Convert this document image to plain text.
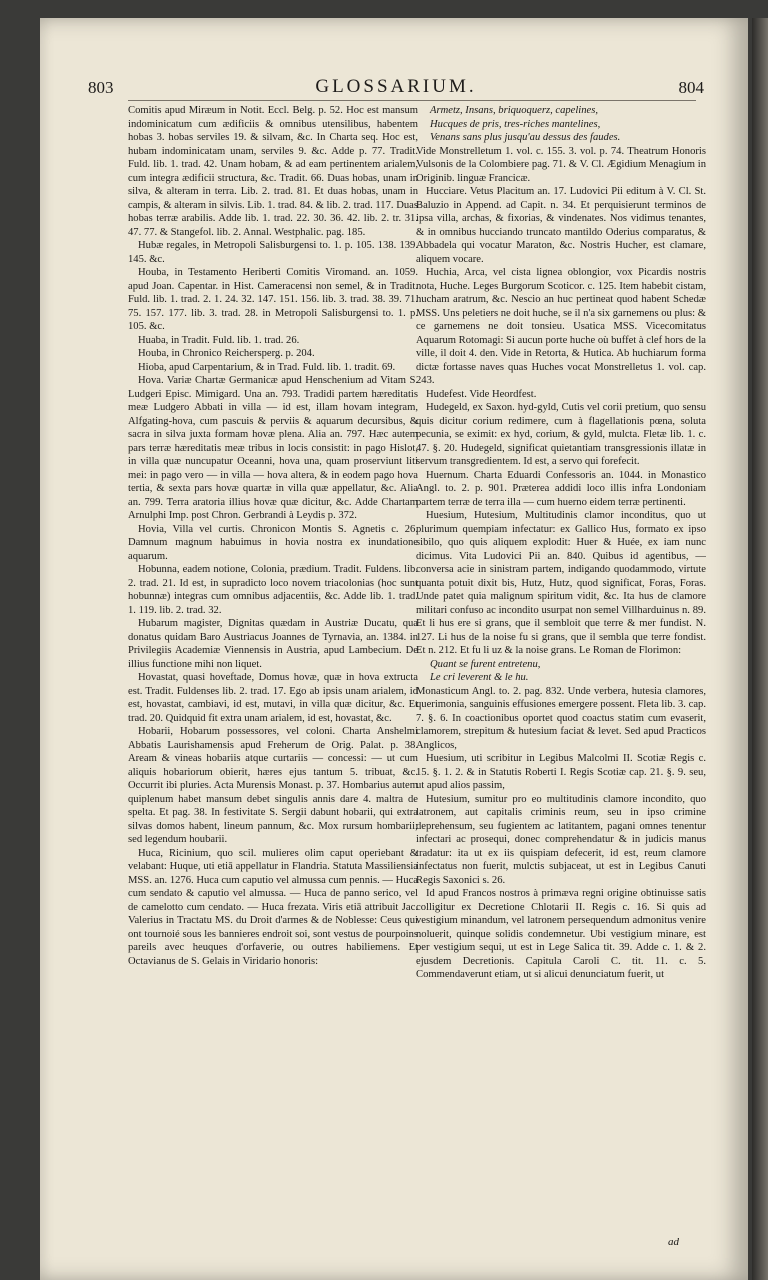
803	GLOSSARIUM.	804

Comitis apud Miræum in Notit. Eccl. Belg. p. 52. Hoc est mansum indominicatum cum ædificiis & omnibus utensilibus, habentem hobas 3. hobas serviles 19. & silvam, &c. In Charta seq. Hoc est, hubam indominicatam unam, serviles 9. &c. Adde p. 77. Tradit. Fuld. lib. 1. trad. 42. Unam hobam, & ad eam pertinentem arialem, cum integra ædificii structura, &c. Tradit. 66. Duas hobas, unam in silva, & alteram in terra. Lib. 2. trad. 81. Et duas hobas, unam in campis, & alteram in silvis. Lib. 1. trad. 84. & lib. 2. trad. 117. Duas hobas terræ arabilis. Adde lib. 1. trad. 22. 30. 36. 42. lib. 2. tr. 31. 47. 77. & Stangefol. lib. 2. Annal. Westphalic. pag. 185.

Hubæ regales, in Metropoli Salisburgensi to. 1. p. 105. 138. 139. 145. &c.

Houba, in Testamento Heriberti Comitis Viromand. an. 1059. apud Joan. Capentar. in Hist. Cameracensi non semel, & in Tradit. Fuld. lib. 1. trad. 2. 1. 24. 32. 147. 151. 156. lib. 3. trad. 38. 39. 71. 75. 157. 177. lib. 3. trad. 28. in Metropoli Salisburgensi to. 1. p. 105. &c.

Huaba, in Tradit. Fuld. lib. 1. trad. 26.

Houba, in Chronico Reichersperg. p. 204.

Hioba, apud Carpentarium, & in Trad. Fuld. lib. 1. tradit. 69.

Hova. Variæ Chartæ Germanicæ apud Henschenium ad Vitam S. Ludgeri Episc. Mimigard. Una an. 793. Tradidi partem hæreditatis meæ Ludgero Abbati in villa — id est, illam hovam integram, Alfgating-hova, cum pascuis & perviis & aquarum decursibus, & sacra in silva juxta formam hovæ plena. Alia an. 797. Hæc autem pars terræ hæreditatis meæ tribus in locis consistit: in pago Hislot, in villa quæ nuncupatur Oceanni, hova una, quam proserviunt liti mei: in pago vero — in villa — hova altera, & in eodem pago hova tertia, & sexta pars hovæ quartæ in villa quæ appellatur, &c. Alia an. 799. Terra aratoria illius hovæ quæ dicitur, &c. Adde Chartam Arnulphi Imp. post Chron. Gerbrandi à Leydis p. 372.

Hovia, Villa vel curtis. Chronicon Montis S. Agnetis c. 26. Damnum magnum habuimus in hovia nostra ex inundatione aquarum.

Hobunna, eadem notione, Colonia, prædium. Tradit. Fuldens. lib. 2. trad. 21. Id est, in supradicto loco novem triacolonias (hoc sunt hobunnæ) integras cum omnibus adjacentiis, &c. Adde lib. 1. trad. 1. 119. lib. 2. trad. 32.

Hubarum magister, Dignitas quædam in Austriæ Ducatu, qua donatus quidam Baro Austriacus Joannes de Tyrnavia, an. 1384. in Privilegiis Academiæ Viennensis in Austria, apud Lambecium. De illius functione mihi non liquet.

Hovastat, quasi hoveftade, Domus hovæ, quæ in hova extructa est. Tradit. Fuldenses lib. 2. trad. 17. Ego ab ipsis unam arialem, id est, hovastat, cambiavi, id est, mutavi, in villa quæ dicitur, &c. Et trad. 20. Quidquid fit extra unam arialem, id est, hovastat, &c.

Hobarii, Hobarum possessores, vel coloni. Charta Anshelmi Abbatis Laurishamensis apud Freherum de Orig. Palat. p. 38. Aream & vineas hobariis atque curtariis — concessi: — ut cum aliquis hobariorum obierit, hæres ejus tantum 5. tribuat, &c. Occurrit ibi pluries. Acta Murensis Monast. p. 37. Hombarius autem quiplenum habet mansum debet singulis annis dare 4. maltra de spelta. Et pag. 38. In festivitate S. Sergii dabunt hobarii, qui extra silvas domos habent, lineum pannum, &c. Mox rursum hombarii; sed legendum houbarii.

Huca, Ricinium, quo scil. mulieres olim caput operiebant & velabant: Huque, uti etiā appellatur in Flandria. Statuta Massiliensia MSS. an. 1276. Huca cum caputio vel almussa cum pennis. — Huca cum sendato & caputio vel almussa. — Huca de panno serico, vel de camelotto cum cendato. — Huca frezata. Viris etiā attribuit Jac. Valerius in Tractatu MS. du Droit d'armes & de Noblesse: Ceus qui ont tournoié sous les bannieres endroit soi, sont vestus de pourpoins pareils avec heuques d'orfaverie, ou outres habiliemens. Et Octavianus de S. Gelais in Viridario honoris:

Armetz, Insans, briquoquerz, capelines,

Hucques de pris, tres-riches mantelines,

Venans sans plus jusqu'au dessus des faudes.

Vide Monstrelletum 1. vol. c. 155. 3. vol. p. 74. Theatrum Honoris Vulsonis de la Colombiere pag. 71. & V. Cl. Ægidium Menagium in Originib. linguæ Francicæ.

Hucciare. Vetus Placitum an. 17. Ludovici Pii editum à V. Cl. St. Baluzio in Append. ad Capit. n. 34. Et perquisierunt terminos de ipsa villa, archas, & fixorias, & vindenates. Nos vidimus tenantes, & in omnibus hucciando truncato mantildo Oderius comparatus, & Abbadela qui vocatur Maraton, &c. Nostris Hucher, est clamare, aliquem vocare.

Huchia, Arca, vel cista lignea oblongior, vox Picardis nostris nota, Huche. Leges Burgorum Scoticor. c. 125. Item habebit cistam, hucham aratrum, &c. Nescio an huc pertineat quod habent Schedæ MSS. Uns peletiers ne doit huche, se il n'a six garnemens ou plus: & ce garnemens ne doit tonsieu. Usatica MSS. Vicecomitatus Aquarum Rotomagi: Si aucun porte huche où buffet à clef hors de la ville, il doit 4. den. Vide in Retorta, & Hutica. Ab huchiarum forma dictæ fortasse naves quas Huches vocat Monstrelletus 1. vol. cap. 243.

Hudefest. Vide Heordfest.

Hudegeld, ex Saxon. hyd-gyld, Cutis vel corii pretium, quo sensu quis dicitur corium redimere, cum à flagellationis pœna, soluta pecunia, se eximit: ex hyd, corium, & gyld, mulcta. Fletæ lib. 1. c. 47. §. 20. Hudegeld, significat quietantiam transgressionis illatæ in servum transgredientem. Id est, a servo qui forefecit.

Huernum. Charta Eduardi Confessoris an. 1044. in Monastico Angl. to. 2. p. 901. Præterea addidi loco illis infra Londoniam partem terræ de terra illa — cum huerno eidem terræ pertinenti.

Huesium, Hutesium, Multitudinis clamor inconditus, quo ut plurimum quempiam infectatur: ex Gallico Hus, formato ex ipso sibilo, quo quis aliquem explodit: Huer & Huée, ex iam nunc dicimus. Vita Ludovici Pii an. 840. Quibus id agentibus, — conversa acie in sinistram partem, indigando quodammodo, virtute quanta potuit dixit bis, Hutz, Hutz, quod significat, Foras, Foras. Unde patet quia malignum spiritum vidit, &c. Ita hus de clamore militari confuso ac incondito usurpat non semel Villharduinus n. 89. Et li hus ere si grans, que il sembloit que terre & mer fundist. N. 127. Li hus de la noise fu si grans, que il sembla que terre fondist. Et n. 212. Et fu li uz & la noise grans. Le Roman de Florimon:

Quant se furent entretenu,

Le cri leverent & le hu.

Monasticum Angl. to. 2. pag. 832. Unde verbera, hutesia clamores, querimonia, sanguinis effusiones emergere possent. Fleta lib. 3. cap. 7. §. 6. In coactionibus oportet quod coactus statim cum evaserit, clamorem, strepitum & hutesium faciat & levet. Sed apud Practicos Anglicos,

Huesium, uti scribitur in Legibus Malcolmi II. Scotiæ Regis c. 15. §. 1. 2. & in Statutis Roberti I. Regis Scotiæ cap. 21. §. 9. seu, ut apud alios passim,

Hutesium, sumitur pro eo multitudinis clamore incondito, quo latronem, aut capitalis criminis reum, seu in ipso crimine deprehensum, seu fugientem ac latitantem, pagani omnes tenentur infectari ac prosequi, donec comprehendatur & in judicis manus tradatur: ita ut ex iis quispiam defecerit, id est, reum clamore infectatus non fuerit, mulctis subjaceat, ut est in Legibus Canuti Regis Saxonici s. 26.

Id apud Francos nostros à primæva regni origine obtinuisse satis colligitur ex Decretione Chlotarii II. Regis c. 16. Si quis ad vestigium minandum, vel latronem persequendum admonitus venire noluerit, quinque solidis condemnetur. Ubi vestigium minare, est per vestigium sequi, ut est in Lege Salica tit. 39. Adde c. 1. & 2. ejusdem Decretionis. Capitula Caroli C. tit. 11. c. 5. Commendaverunt etiam, ut si alicui denunciatum fuerit, ut

ad
